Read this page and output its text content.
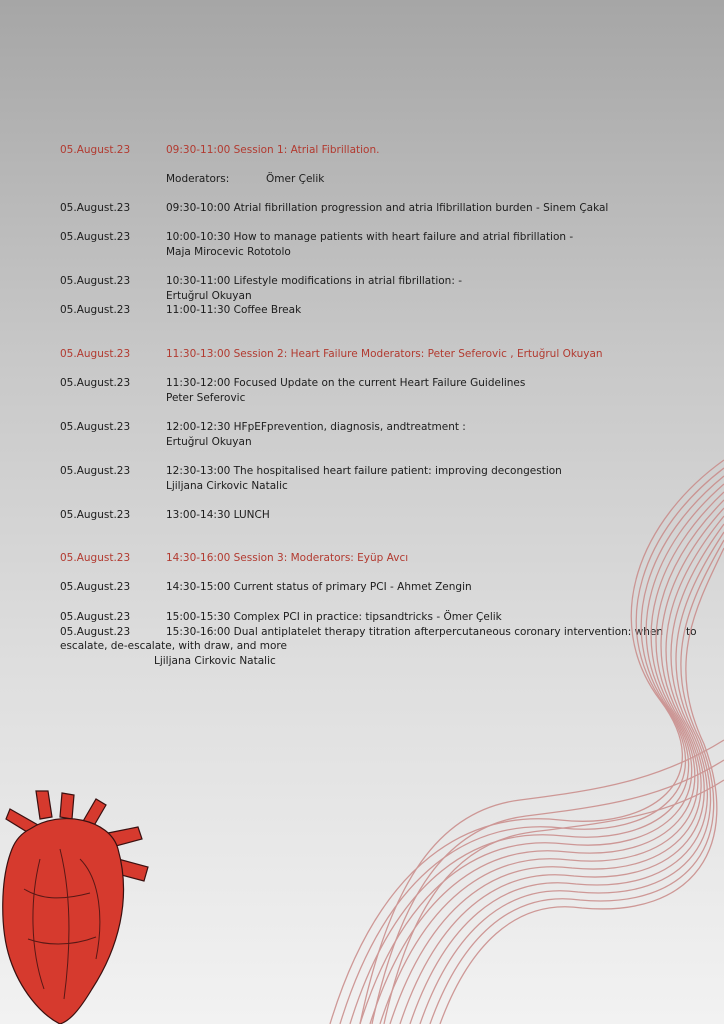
05.August.23	09:30-11:00 Session 1: Atrial Fibrillation.
Moderators:	Ömer Çelik
05.August.23	09:30-10:00 Atrial fibrillation progression and atria lfibrillation burden - Sinem Çakal
05.August.23	10:00-10:30 How to manage patients with heart failure and atrial fibrillation -
Maja Mirocevic Rototolo
05.August.23	10:30-11:00 Lifestyle modifications in atrial fibrillation: -
Ertuğrul Okuyan
05.August.23	11:00-11:30 Coffee Break
05.August.23	11:30-13:00 Session 2: Heart Failure Moderators: Peter Seferovic , Ertuğrul Okuyan
05.August.23	11:30-12:00 Focused Update on the current Heart Failure Guidelines
Peter Seferovic
05.August.23	12:00-12:30 HFpEFprevention, diagnosis, andtreatment :
Ertuğrul Okuyan
05.August.23	12:30-13:00 The hospitalised heart failure patient: improving decongestion
Ljiljana Cirkovic Natalic
05.August.23	13:00-14:30 LUNCH
05.August.23	14:30-16:00 Session 3: Moderators: Eyüp Avcı
05.August.23	14:30-15:00 Current status of primary PCI - Ahmet Zengin
05.August.23	15:00-15:30 Complex PCI in practice: tipsandtricks - Ömer Çelik
05.August.23	15:30-16:00 Dual antiplatelet therapy titration afterpercutaneous coronary intervention: when to
escalate, de-escalate, with draw, and more
Ljiljana Cirkovic Natalic
